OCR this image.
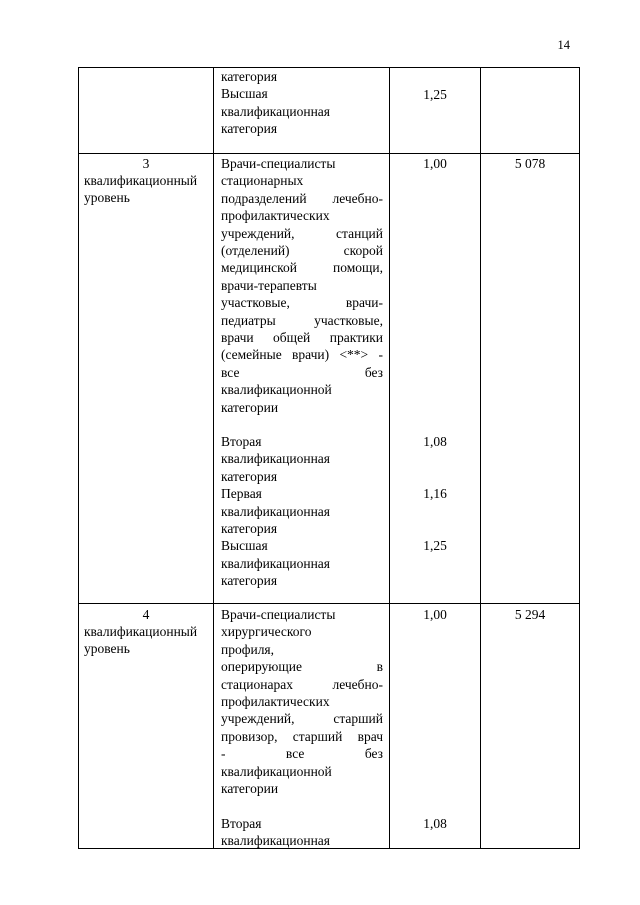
14
категория
Высшая
квалификационная
категория
1,25
3
квалификационный
уровень
Врачи-специалисты
стационарных
подразделений лечебно-
профилактических
учреждений, станций
(отделений) скорой
медицинской помощи,
врачи-терапевты
участковые, врачи-
педиатры участковые,
врачи общей практики
(семейные врачи) <**> -
все без
квалификационной
категории
Вторая
квалификационная
категория
Первая
квалификационная
категория
Высшая
квалификационная
категория
1,00
1,08
1,16
1,25
5 078
4
квалификационный
уровень
Врачи-специалисты
хирургического
профиля,
оперирующие в
стационарах лечебно-
профилактических
учреждений, старший
провизор, старший врач
- все без
квалификационной
категории
Вторая
квалификационная
1,00
1,08
5 294
